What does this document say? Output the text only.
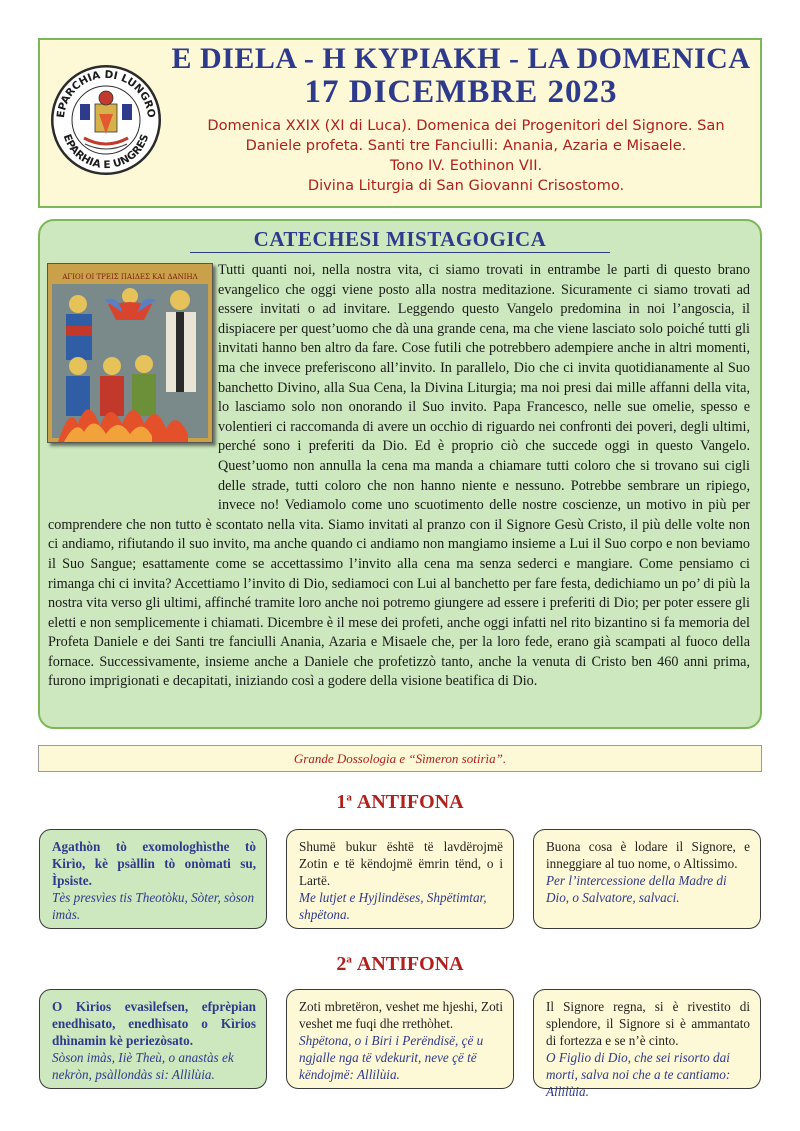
EPARCHIA DI LUNGRO
EPARHIA E UNGRES
E DIELA - H ΚΥΡΙΑΚΗ - LA DOMENICA
17 DICEMBRE 2023
Domenica XXIX (XI di Luca). Domenica dei Progenitori del Signore. San
Daniele profeta. Santi tre Fanciulli: Anania, Azaria e Misaele.
Tono IV. Eothinon VII.
Divina Liturgia di San Giovanni Crisostomo.
CATECHESI MISTAGOGICA
Tutti quanti noi, nella nostra vita, ci siamo trovati in entrambe le parti di questo brano evangelico che oggi viene posto alla nostra meditazione. Sicuramente ci siamo trovati ad essere invitati o ad invitare. Leggendo questo Vangelo predomina in noi l’angoscia, il dispiacere per quest’uomo che dà una grande cena, ma che viene lasciato solo poiché tutti gli invitati hanno ben altro da fare. Cose futili che potrebbero adempiere anche in altri momenti, ma che invece preferiscono all’invito. In parallelo, Dio che ci invita quotidianamente al Suo banchetto Divino, alla Sua Cena, la Divina Liturgia; ma noi presi dai mille affanni della vita, lo lasciamo solo non onorando il Suo invito. Papa Francesco, nelle sue omelie, spesso e volentieri ci raccomanda di avere un occhio di riguardo nei confronti dei poveri, degli ultimi, perché sono i preferiti da Dio. Ed è proprio ciò che succede oggi in questo Vangelo. Quest’uomo non annulla la cena ma manda a chiamare tutti coloro che si trovano sui cigli delle strade, tutti coloro che non hanno niente e nessuno. Potrebbe sembrare un ripiego, invece no! Vediamolo come uno scuotimento delle nostre coscienze, un motivo in più per comprendere che non tutto è scontato nella vita. Siamo invitati al pranzo con il Signore Gesù Cristo, il più delle volte non ci andiamo, rifiutando il suo invito, ma anche quando ci andiamo non mangiamo insieme a Lui il Suo corpo e non beviamo il Suo Sangue; esattamente come se accettassimo l’invito alla cena ma senza sederci e mangiare. Come pensiamo ci rimanga chi ci invita? Accettiamo l’invito di Dio, sediamoci con Lui al banchetto per fare festa, dedichiamo un po’ di più la nostra vita verso gli ultimi, affinché tramite loro anche noi potremo giungere ad essere i preferiti di Dio; per poter essere gli eletti e non semplicemente i chiamati. Dicembre è il mese dei profeti, anche oggi infatti nel rito bizantino si fa memoria del Profeta Daniele e dei Santi tre fanciulli Anania, Azaria e Misaele che, per la loro fede, erano già scampati al fuoco della fornace. Successivamente, insieme anche a Daniele che profetizzò tanto, anche la venuta di Cristo ben 460 anni prima, furono imprigionati e decapitati, iniziando così a godere della visione beatifica di Dio.
ΑΓΙΟΙ ΟΙ ΤΡΕΙΣ ΠΑΙΔΕΣ ΚΑΙ ΔΑΝΙΗΛ
Grande Dossologia e “Sìmeron sotirìa”.
1$^a$ ANTIFONA
Agathòn tò exomologhìsthe tò Kirìo, kè psàllin tò onòmati su, Ìpsiste.
Tès presvìes tis Theotòku, Sòter, sòson imàs.
Shumë bukur është të lavdërojmë Zotin e të këndojmë ëmrin tënd, o i Lartë.
Me lutjet e Hyjlindëses, Shpëtimtar, shpëtona.
Buona cosa è lodare il Signore, e inneggiare al tuo nome, o Altissimo.
Per l’intercessione della Madre di Dio, o Salvatore, salvaci.
2$^a$ ANTIFONA
O Kìrios evasìlefsen, efprèpian enedhìsato, enedhìsato o Kìrios dhìnamin kè periezòsato.
Sòson imàs, Iiè Theù, o anastàs ek nekròn, psàllondàs si: Allilùia.
Zoti mbretëron, veshet me hjeshi, Zoti veshet me fuqi dhe rrethòhet.
Shpëtona, o i Biri i Perëndisë, çë u ngjalle nga të vdekurit, neve çë të këndojmë: Allilùia.
Il Signore regna, si è rivestito di splendore, il Signore si è ammantato di fortezza e se n’è cinto.
O Figlio di Dio, che sei risorto dai morti, salva noi che a te cantiamo: Allilùia.
